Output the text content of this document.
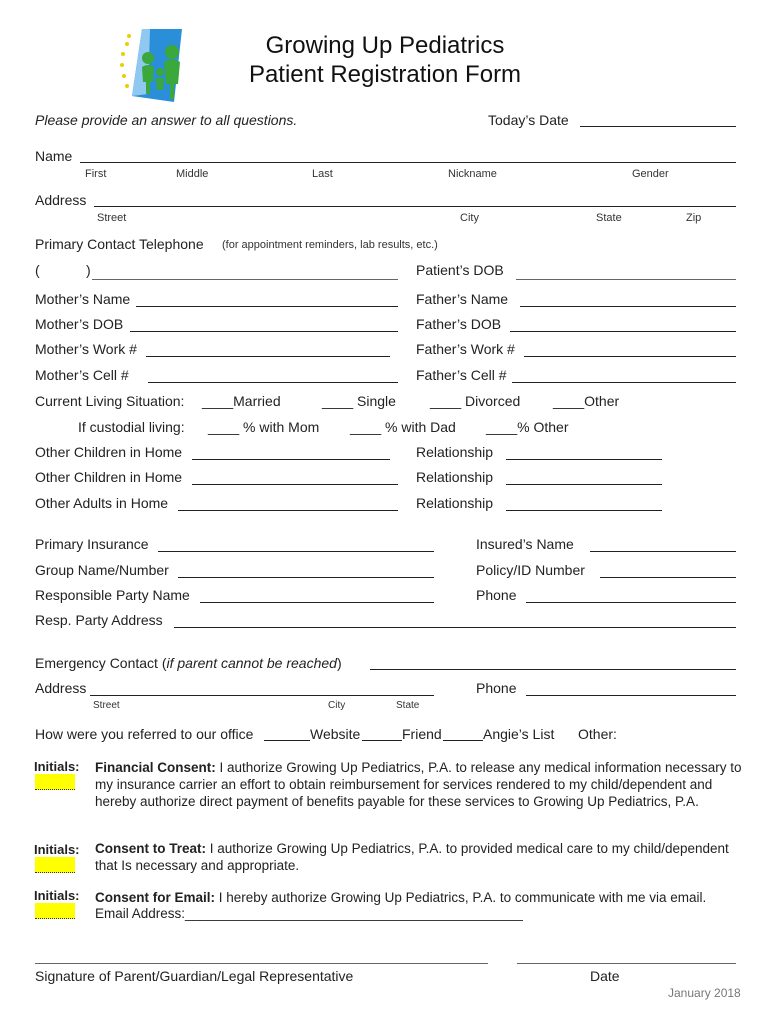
Growing Up Pediatrics
Patient Registration Form
Please provide an answer to all questions.	Today’s Date
Name
First	Middle	Last	Nickname	Gender
Address
Street	City	State	Zip
Primary Contact Telephone (for appointment reminders, lab results, etc.)
(	)	Patient’s DOB
Mother’s Name	Father’s Name
Mother’s DOB	Father’s DOB
Mother’s Work #	Father’s Work #
Mother’s Cell #	Father’s Cell #
Current Living Situation: ____Married	____ Single ____ Divorced ____Other
If custodial living: ____ % with Mom ____ % with Dad ____% Other
Other Children in Home	Relationship
Other Children in Home	Relationship
Other Adults in Home	Relationship
Primary Insurance	Insured’s Name
Group Name/Number	Policy/ID Number
Responsible Party Name	Phone
Resp. Party Address
Emergency Contact (if parent cannot be reached)
Address
Street	City	State
Phone
How were you referred to our office	Website	Friend	Angie’s List Other:
Initials: Financial Consent: I authorize Growing Up Pediatrics, P.A. to release any medical information necessary to my insurance carrier an effort to obtain reimbursement for services rendered to my child/dependent and hereby authorize direct payment of benefits payable for these services to Growing Up Pediatrics, P.A.
Initials: Consent to Treat: I authorize Growing Up Pediatrics, P.A. to provided medical care to my child/dependent that Is necessary and appropriate.
Initials: Consent for Email: I hereby authorize Growing Up Pediatrics, P.A. to communicate with me via email.
Email Address:_____________________________________________
Signature of Parent/Guardian/Legal Representative	Date
January 2018
